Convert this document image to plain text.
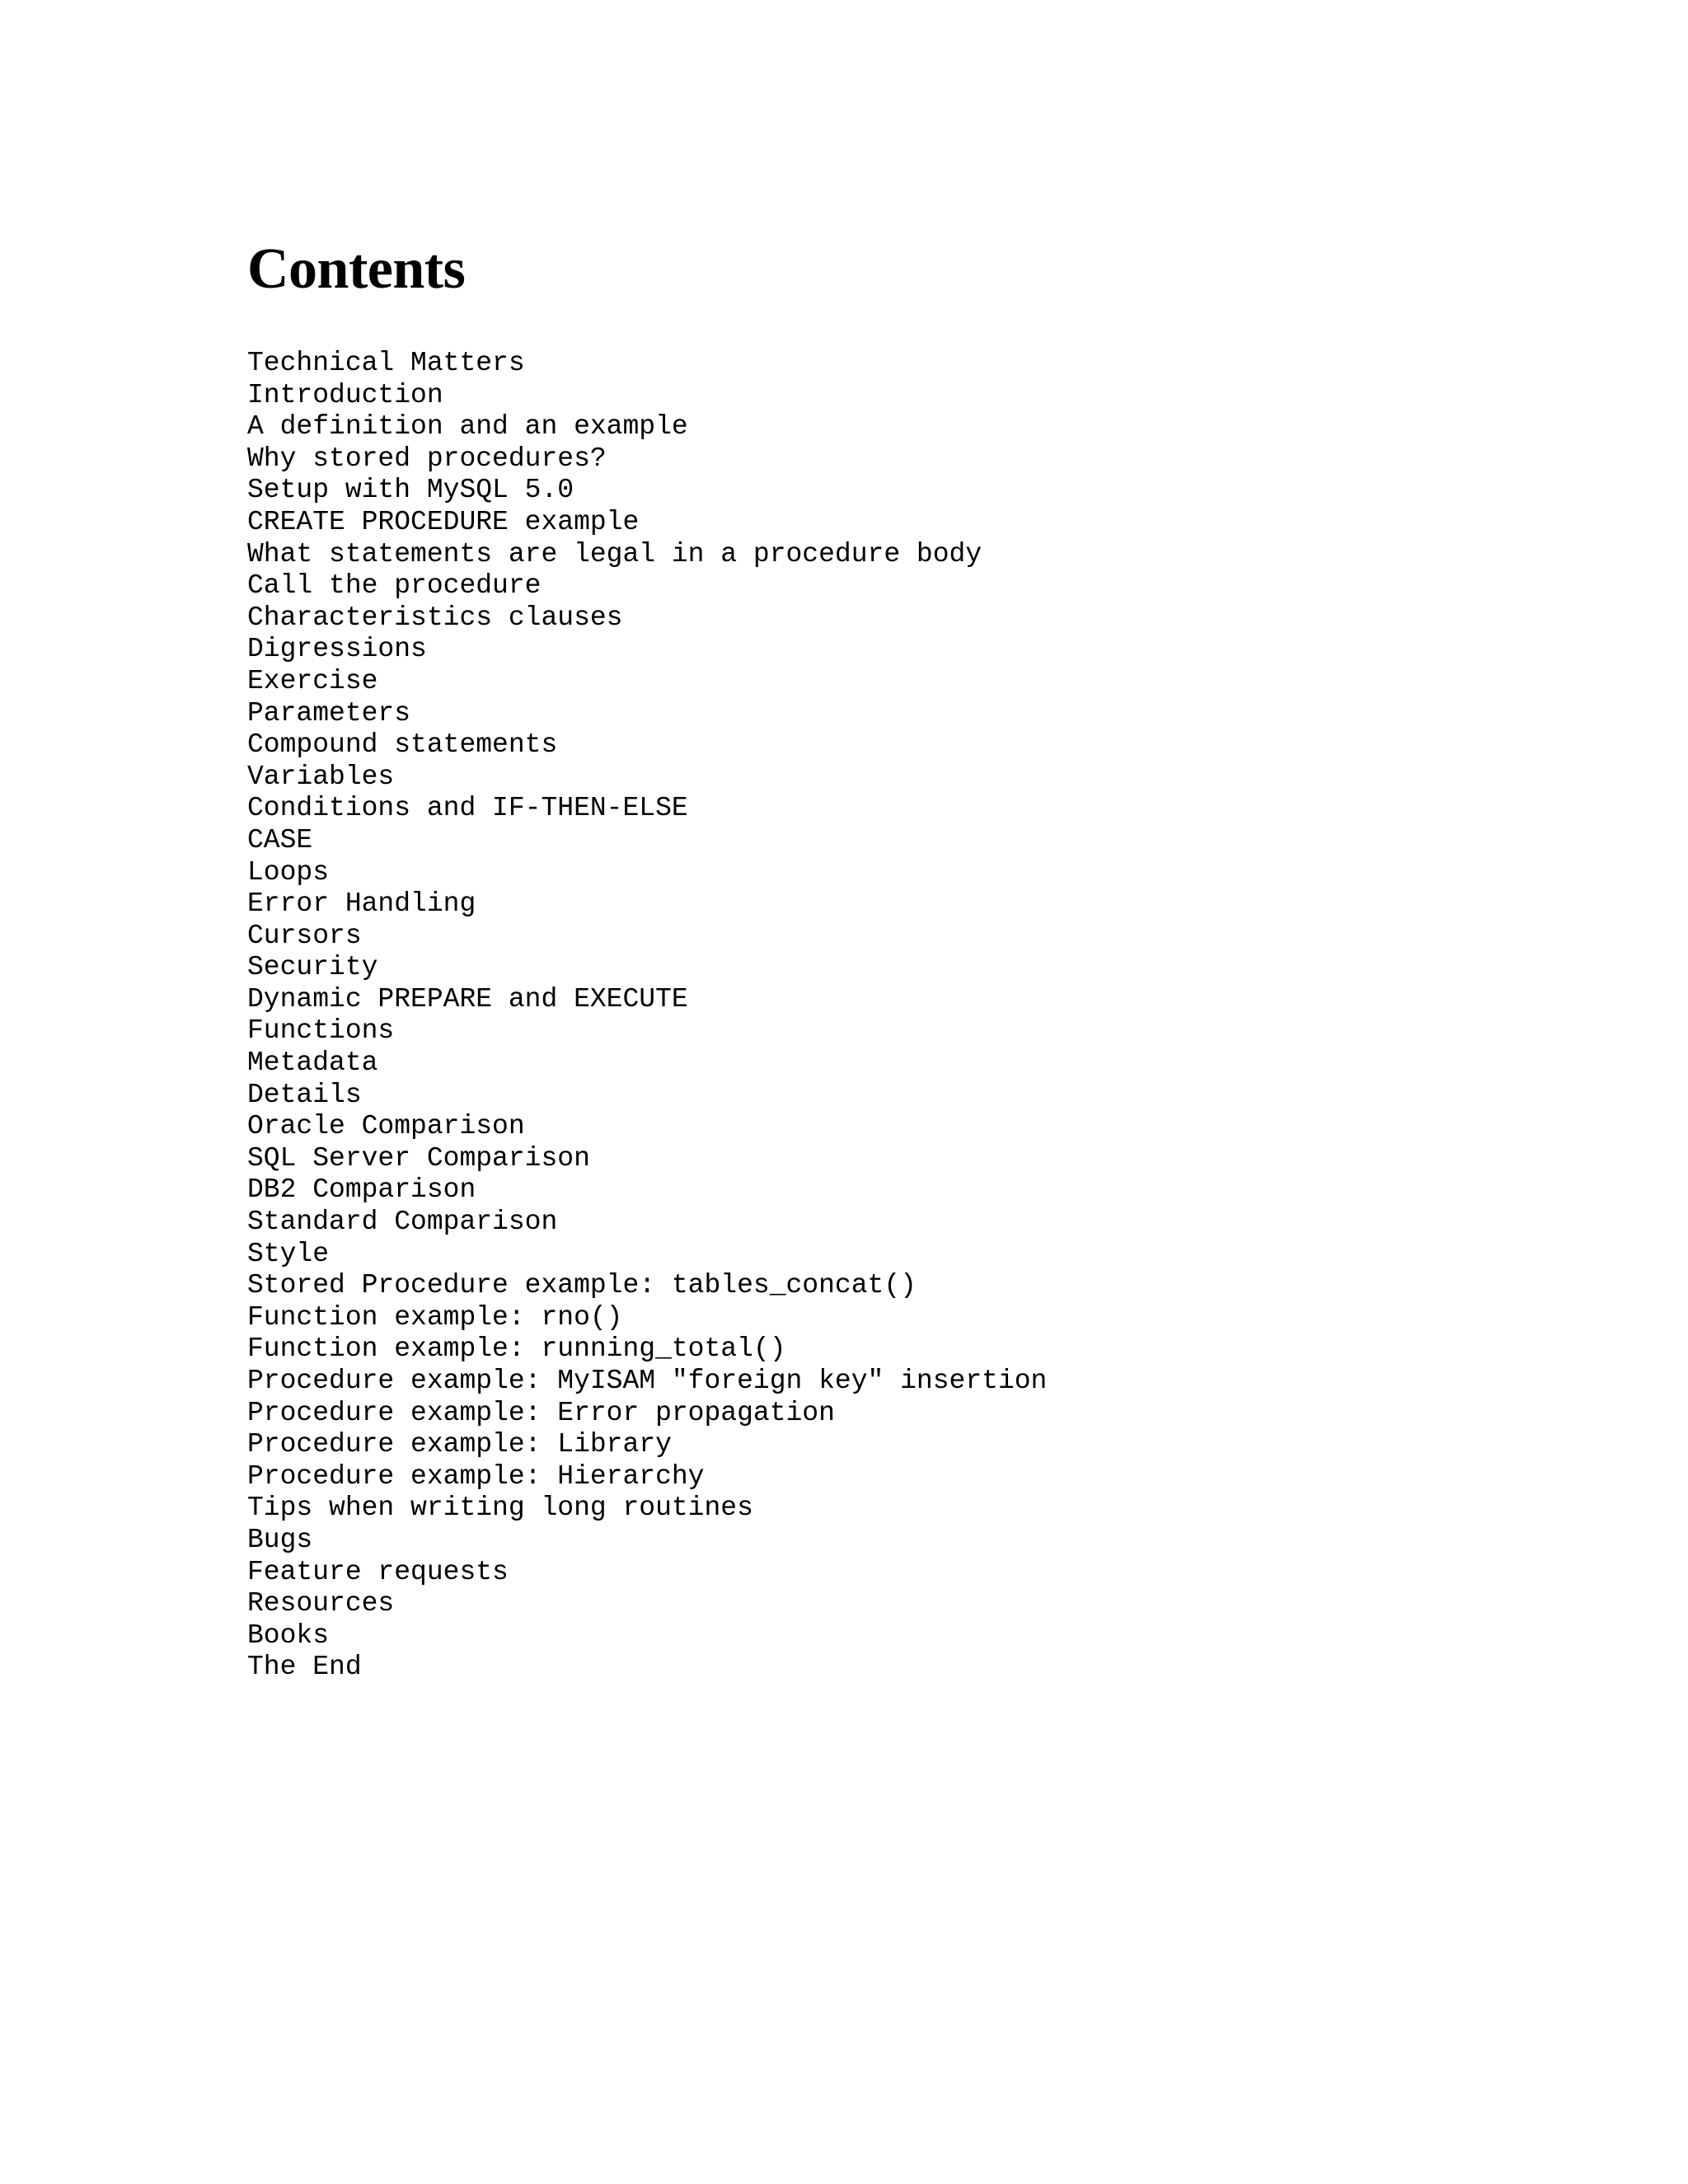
Contents
Technical Matters
Introduction
A definition and an example
Why stored procedures?
Setup with MySQL 5.0
CREATE PROCEDURE example
What statements are legal in a procedure body
Call the procedure
Characteristics clauses
Digressions
Exercise
Parameters
Compound statements
Variables
Conditions and IF-THEN-ELSE
CASE
Loops
Error Handling
Cursors
Security
Dynamic PREPARE and EXECUTE
Functions
Metadata
Details
Oracle Comparison
SQL Server Comparison
DB2 Comparison
Standard Comparison
Style
Stored Procedure example: tables_concat()
Function example: rno()
Function example: running_total()
Procedure example: MyISAM "foreign key" insertion
Procedure example: Error propagation
Procedure example: Library
Procedure example: Hierarchy
Tips when writing long routines
Bugs
Feature requests
Resources
Books
The End
